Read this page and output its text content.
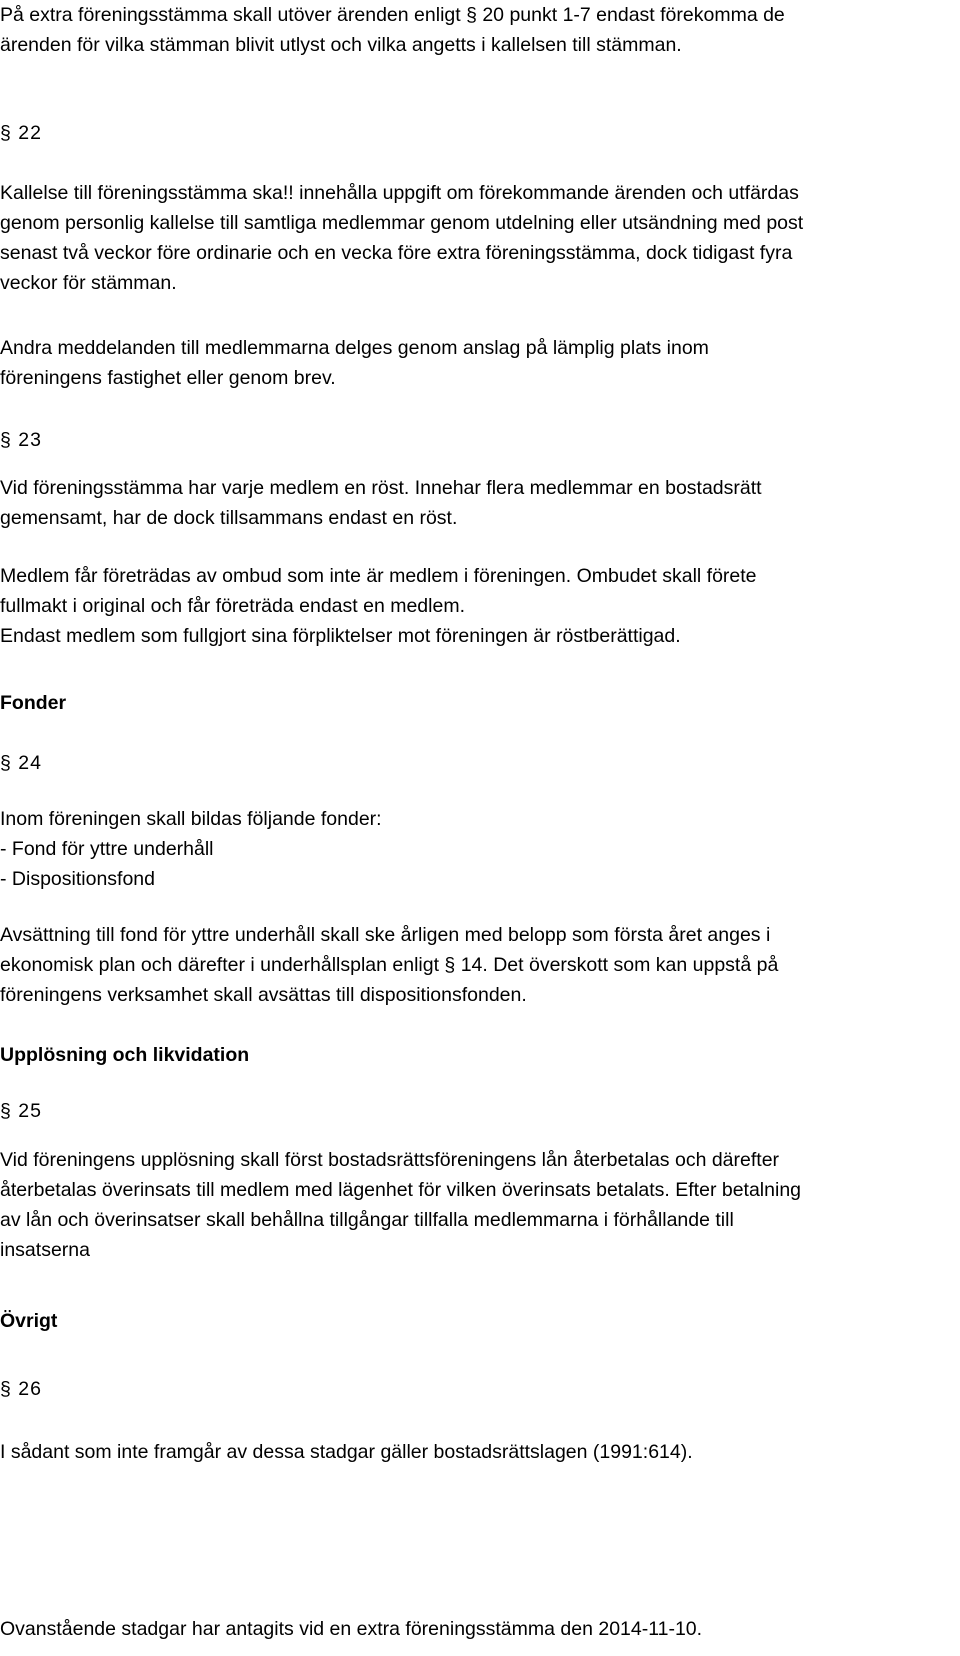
På extra föreningsstämma skall utöver ärenden enligt § 20 punkt 1-7 endast förekomma de
ärenden för vilka stämman blivit utlyst och vilka angetts i kallelsen till stämman.
§ 22
Kallelse till föreningsstämma ska!! innehålla uppgift om förekommande ärenden och utfärdas
genom personlig kallelse till samtliga medlemmar genom utdelning eller utsändning med post
senast två veckor före ordinarie och en vecka före extra föreningsstämma, dock tidigast fyra
veckor för stämman.
Andra meddelanden till medlemmarna delges genom anslag på lämplig plats inom
föreningens fastighet eller genom brev.
§ 23
Vid föreningsstämma har varje medlem en röst. Innehar flera medlemmar en bostadsrätt
gemensamt, har de dock tillsammans endast en röst.
Medlem får företrädas av ombud som inte är medlem i föreningen. Ombudet skall förete
fullmakt i original och får företräda endast en medlem.
Endast medlem som fullgjort sina förpliktelser mot föreningen är röstberättigad.
Fonder
§ 24
Inom föreningen skall bildas följande fonder:
- Fond för yttre underhåll
- Dispositionsfond
Avsättning till fond för yttre underhåll skall ske årligen med belopp som första året anges i
ekonomisk plan och därefter i underhållsplan enligt § 14. Det överskott som kan uppstå på
föreningens verksamhet skall avsättas till dispositionsfonden.
Upplösning och likvidation
§ 25
Vid föreningens upplösning skall först bostadsrättsföreningens lån återbetalas och därefter
återbetalas överinsats till medlem med lägenhet för vilken överinsats betalats. Efter betalning
av lån och överinsatser skall behållna tillgångar tillfalla medlemmarna i förhållande till
insatserna
Övrigt
§ 26
I sådant som inte framgår av dessa stadgar gäller bostadsrättslagen (1991:614).
Ovanstående stadgar har antagits vid en extra föreningsstämma den 2014-11-10.
